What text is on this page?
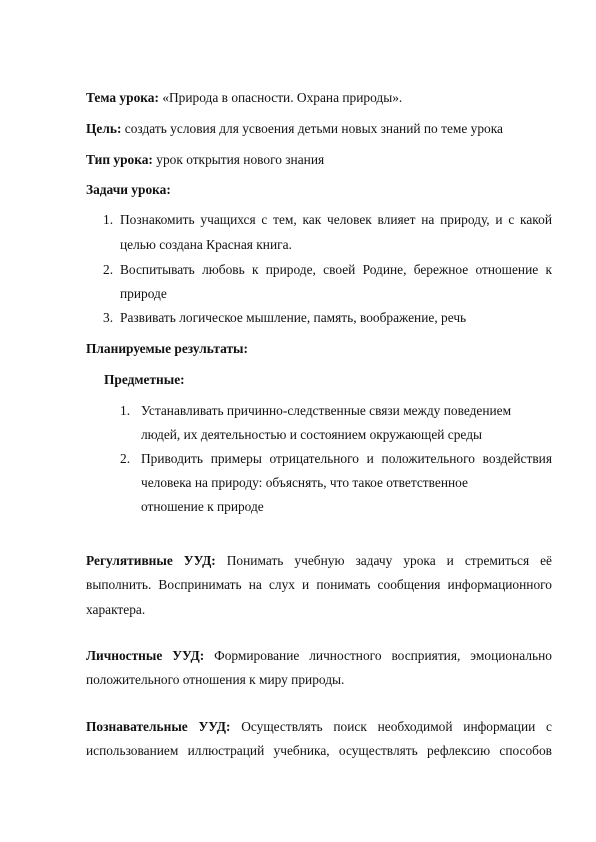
Тема урока: «Природа в опасности. Охрана природы».
Цель: создать условия для усвоения детьми новых знаний по теме урока
Тип урока: урок открытия нового знания
Задачи урока:
1. Познакомить учащихся с тем, как человек влияет на природу, и с какой
целью создана Красная книга.
2. Воспитывать любовь к природе, своей Родине, бережное отношение к
природе
3. Развивать логическое мышление, память, воображение, речь
Планируемые результаты:
Предметные:
1. Устанавливать причинно-следственные связи между поведением
людей, их деятельностью и состоянием окружающей среды
2. Приводить примеры отрицательного и положительного воздействия
человека на природу: объяснять, что такое ответственное
отношение к природе
Регулятивные УУД: Понимать учебную задачу урока и стремиться её
выполнить. Воспринимать на слух и понимать сообщения информационного
характера.
Личностные УУД: Формирование личностного восприятия, эмоционально
положительного отношения к миру природы.
Познавательные УУД: Осуществлять поиск необходимой информации с
использованием иллюстраций учебника, осуществлять рефлексию способов
